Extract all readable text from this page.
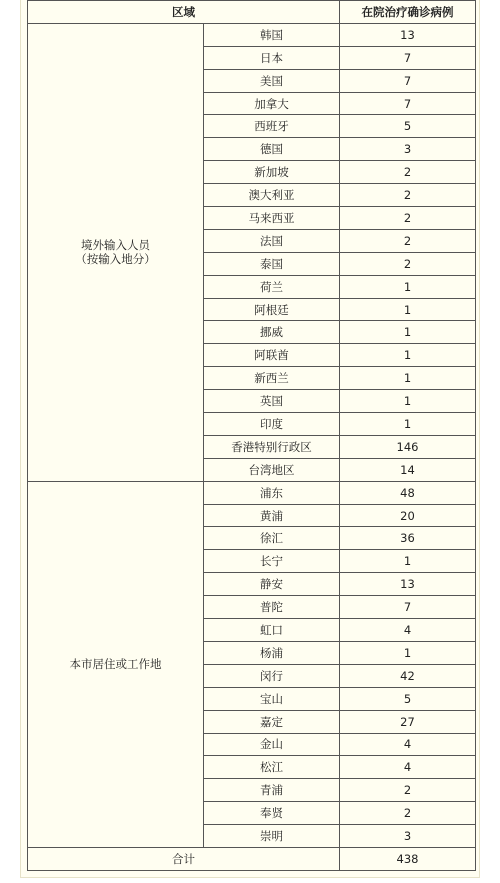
区域		在院治疗确诊病例

境外输入人员
（按输入地分）	韩国	13
	日本	7
	美国	7
	加拿大	7
	西班牙	5
	德国	3
	新加坡	2
	澳大利亚	2
	马来西亚	2
	法国	2
	泰国	2
	荷兰	1
	阿根廷	1
	挪威	1
	阿联酋	1
	新西兰	1
	英国	1
	印度	1
	香港特别行政区	146
	台湾地区	14

本市居住或工作地	浦东	48
	黄浦	20
	徐汇	36
	长宁	1
	静安	13
	普陀	7
	虹口	4
	杨浦	1
	闵行	42
	宝山	5
	嘉定	27
	金山	4
	松江	4
	青浦	2
	奉贤	2
	崇明	3
合计		438
